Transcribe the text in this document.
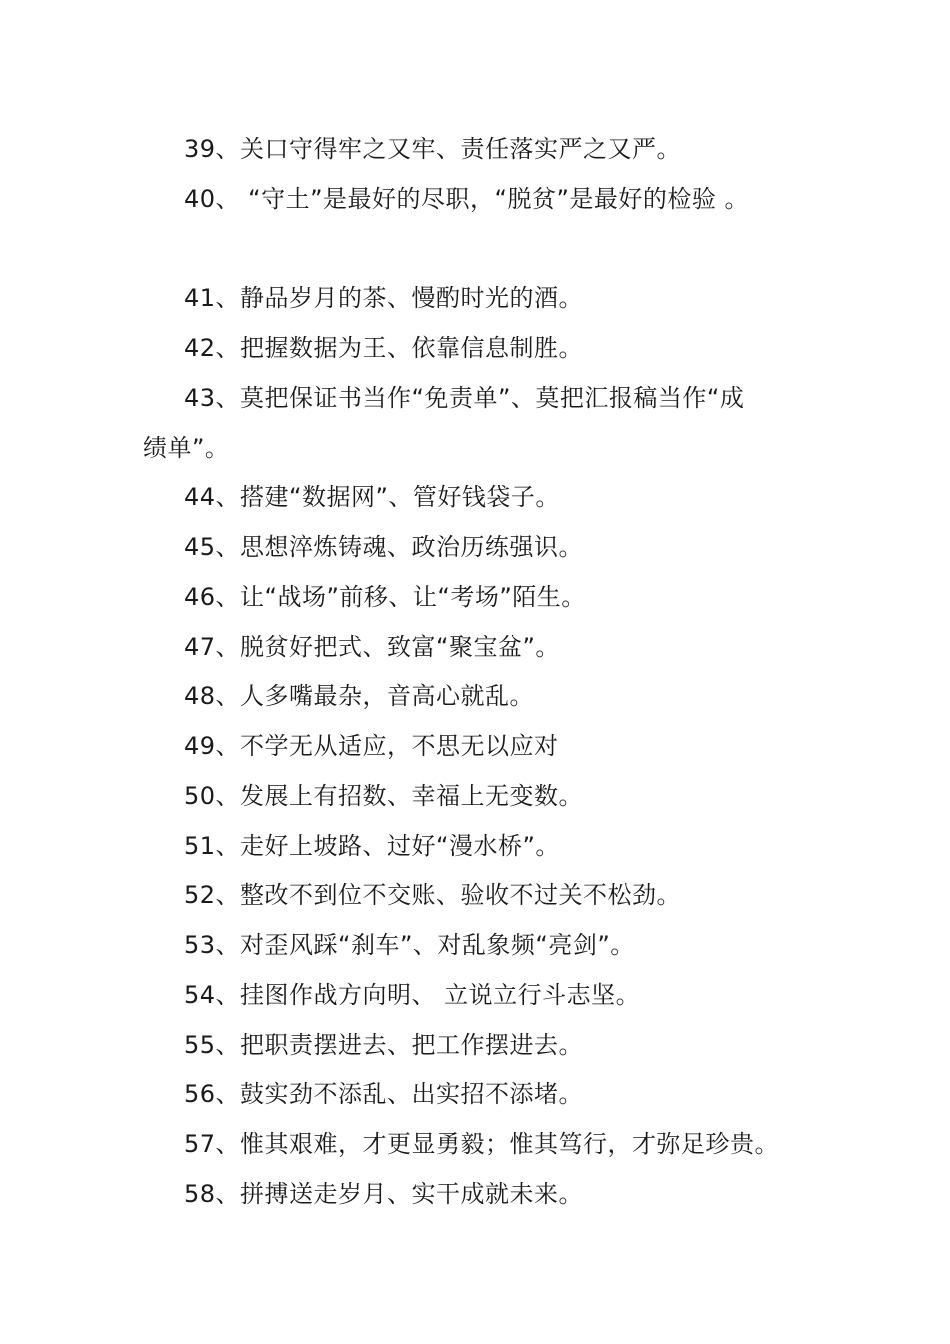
39、关口守得牢之又牢、责任落实严之又严。
40、 “守土”是最好的尽职，“脱贫”是最好的检验 。
41、静品岁月的茶、慢酌时光的酒。
42、把握数据为王、依靠信息制胜。
43、莫把保证书当作“免责单”、莫把汇报稿当作“成
绩单”。
44、搭建“数据网”、管好钱袋子。
45、思想淬炼铸魂、政治历练强识。
46、让“战场”前移、让“考场”陌生。
47、脱贫好把式、致富“聚宝盆”。
48、人多嘴最杂，音高心就乱。
49、不学无从适应，不思无以应对
50、发展上有招数、幸福上无变数。
51、走好上坡路、过好“漫水桥”。
52、整改不到位不交账、验收不过关不松劲。
53、对歪风踩“刹车”、对乱象频“亮剑”。
54、挂图作战方向明、 立说立行斗志坚。
55、把职责摆进去、把工作摆进去。
56、鼓实劲不添乱、出实招不添堵。
57、惟其艰难，才更显勇毅；惟其笃行，才弥足珍贵。
58、拼搏送走岁月、实干成就未来。
